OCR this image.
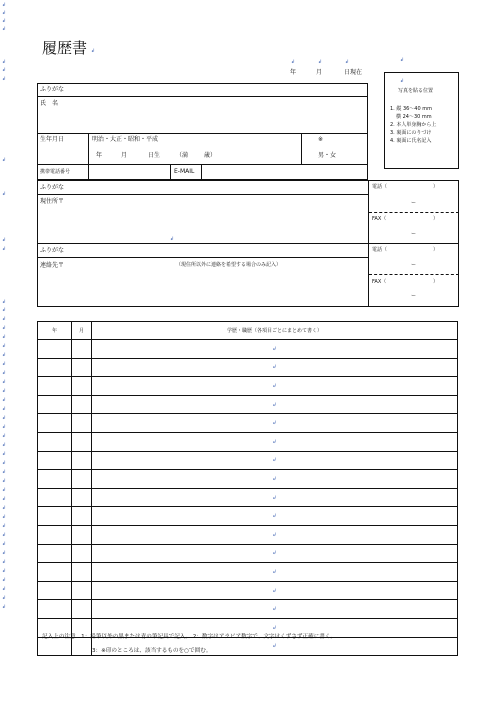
↲
↲
↲
↲
↲
↲
↲
↲
↲
↲
↲
↲
↲
↲
↲
↲
↲
↲
↲
↲
↲
↲
↲
↲
↲
↲
↲
↲
↲
↲
↲
↲
↲
↲
↲
↲
↲
↲
↲
↲
↲
↲
↲
↲
↲
↲
履歴書 ↲
↲	↲	↲	↲
年	月	日現在
↲
写真を貼る位置
1. 縦 36～40 mm
横 24～30 mm
2. 本人単身胸から上
3. 裏面にのりづけ
4. 裏面に氏名記入
ふりがな
氏　名
生年月日	明治・大正・昭和・平成
年	月	日生	（満	歳）
※
男・女
携帯電話番号	E-MAIL
ふりがな
現住所〒
↲
電話（	）
ー
FAX（	）
ー
ふりがな
連絡先〒	（現住所以外に連絡を希望する場合のみ記入）
電話（	）
ー
FAX（	）
ー
年	月	学歴・職歴（各項目ごとにまとめて書く）
		↲
		↲
		↲
		↲
		↲
		↲
		↲
		↲
		↲
		↲
		↲
		↲
		↲
		↲
		↲
		↲
		↲
記入上の注意　1：鉛筆以外の黒または青の筆記具で記入。 2：数字はアラビア数字で、文字はくずさず正確に書く。
3：※印のところは、該当するものを○で囲む。
